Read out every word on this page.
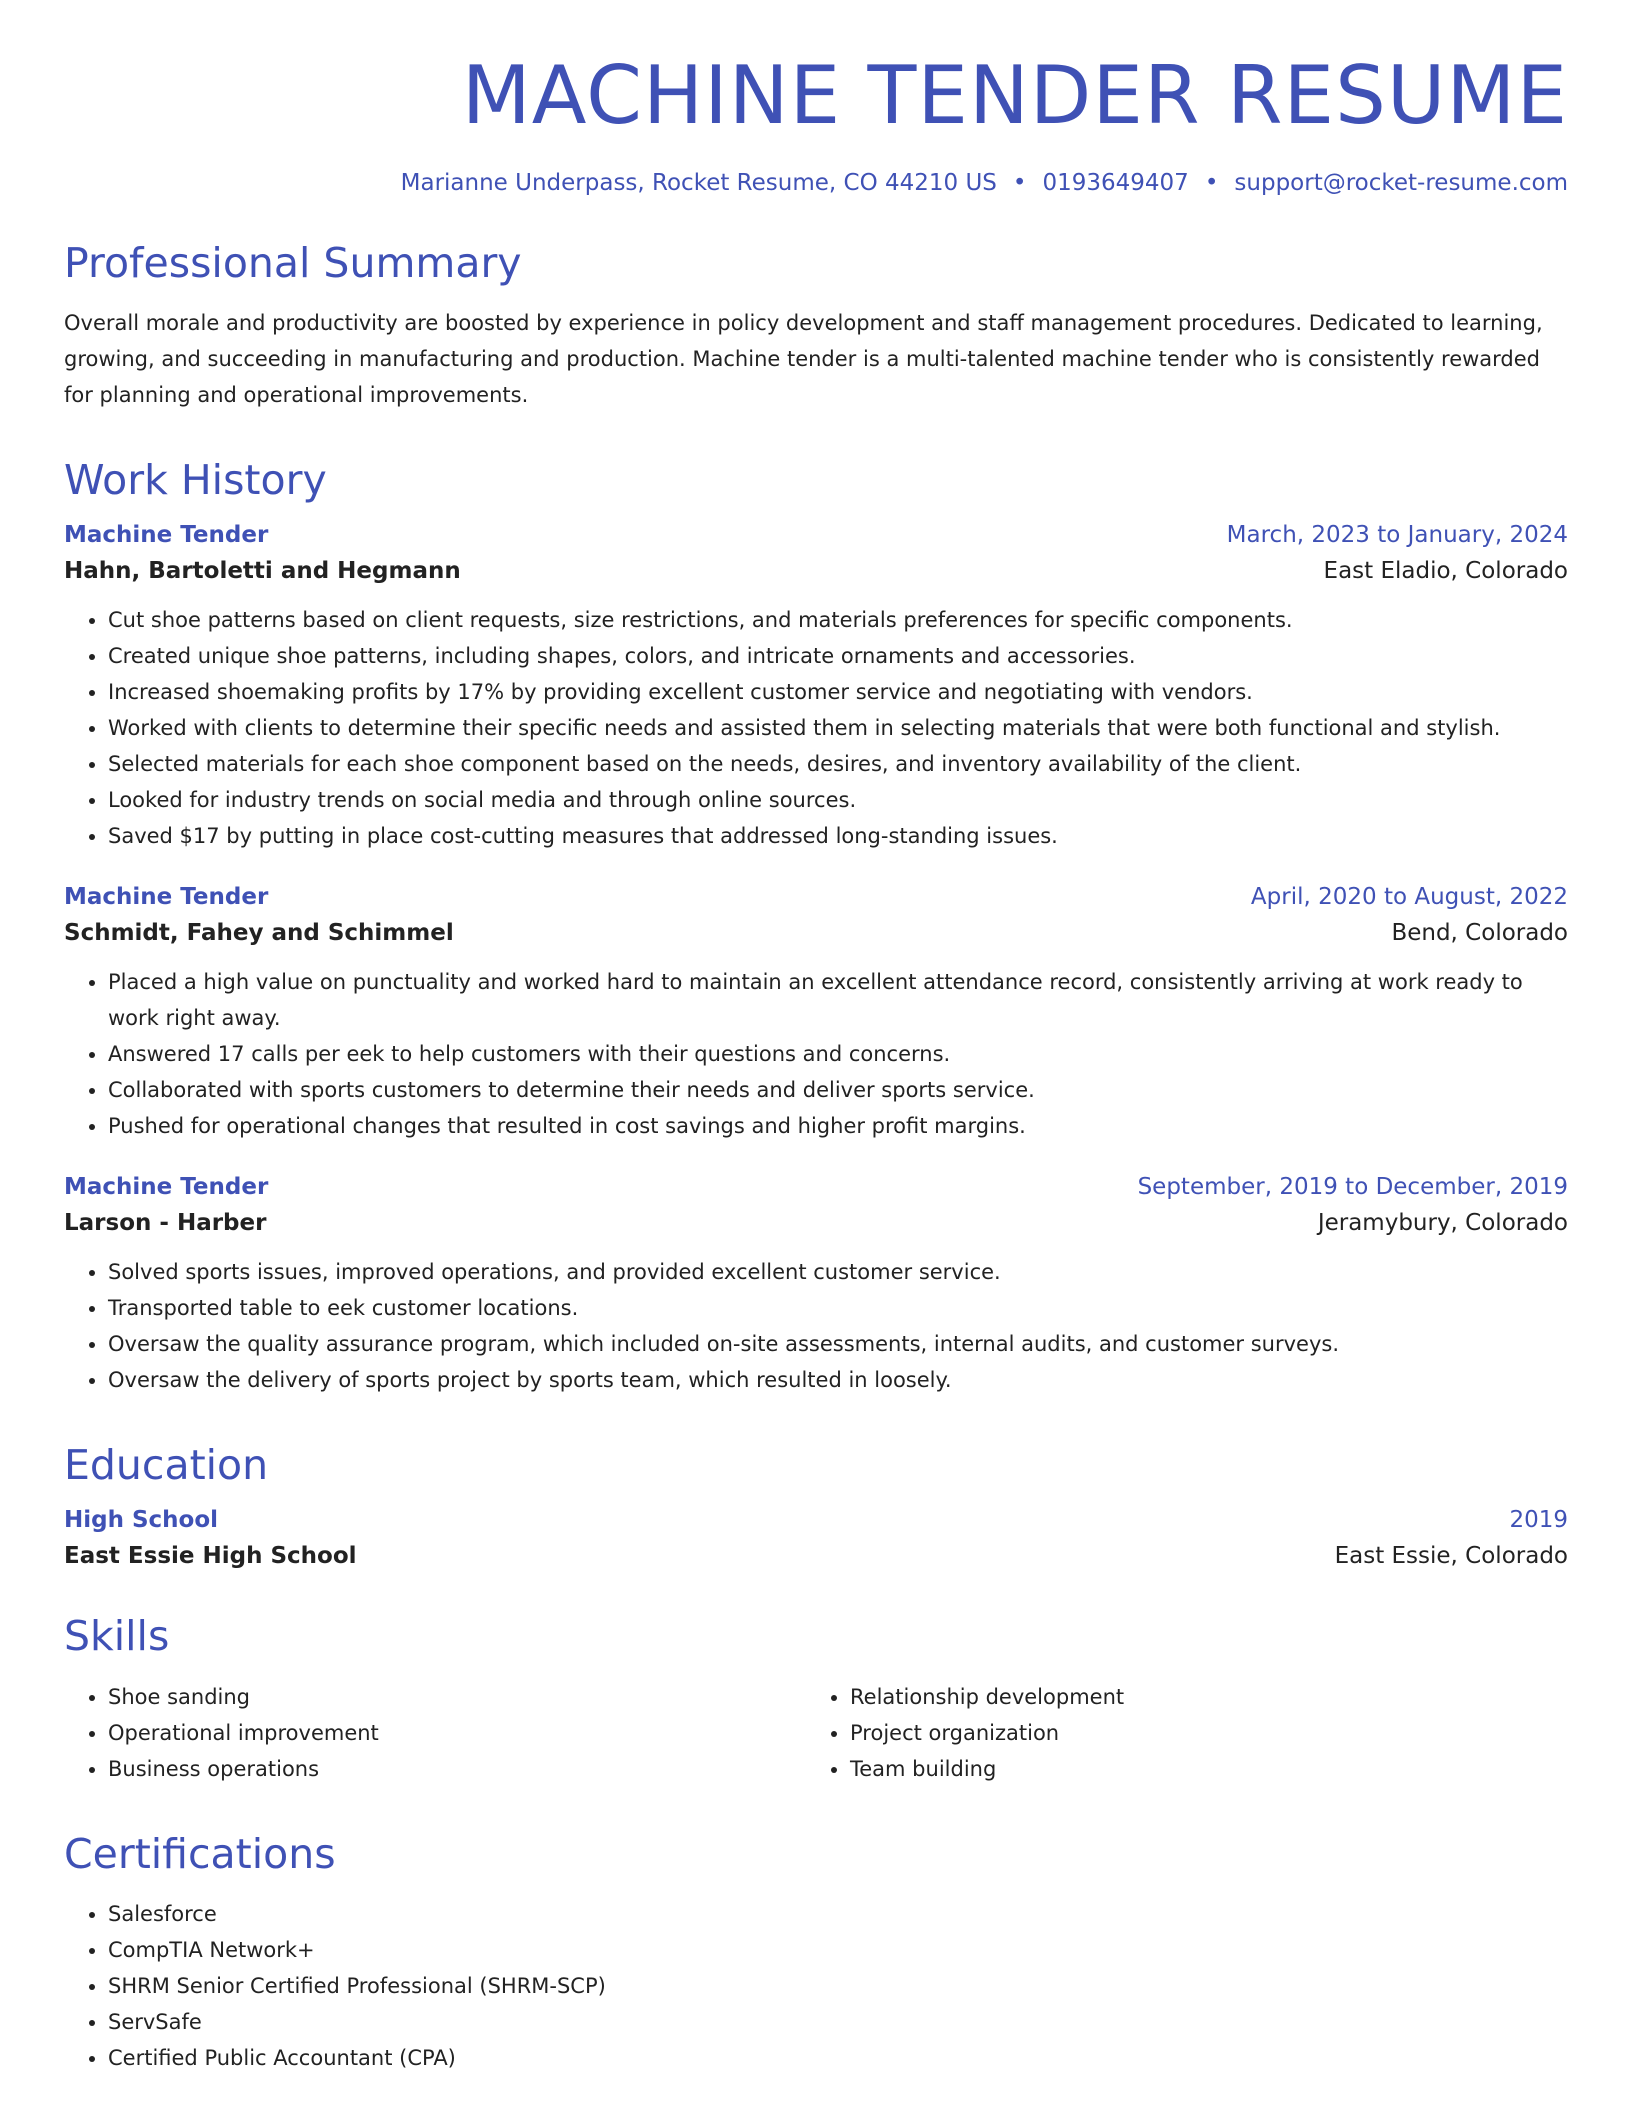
MACHINE TENDER RESUME
Marianne Underpass, Rocket Resume, CO 44210 US • 0193649407 • support@rocket-resume.com
Professional Summary

Overall morale and productivity are boosted by experience in policy development and staff management procedures. Dedicated to learning, growing, and succeeding in manufacturing and production. Machine tender is a multi-talented machine tender who is consistently rewarded for planning and operational improvements.

Work History
Machine Tender	March, 2023 to January, 2024
Hahn, Bartoletti and Hegmann	East Eladio, Colorado
• Cut shoe patterns based on client requests, size restrictions, and materials preferences for specific components.
• Created unique shoe patterns, including shapes, colors, and intricate ornaments and accessories.
• Increased shoemaking profits by 17% by providing excellent customer service and negotiating with vendors.
• Worked with clients to determine their specific needs and assisted them in selecting materials that were both functional and stylish.
• Selected materials for each shoe component based on the needs, desires, and inventory availability of the client.
• Looked for industry trends on social media and through online sources.
• Saved $17 by putting in place cost-cutting measures that addressed long-standing issues.
Machine Tender	April, 2020 to August, 2022
Schmidt, Fahey and Schimmel	Bend, Colorado
• Placed a high value on punctuality and worked hard to maintain an excellent attendance record, consistently arriving at work ready to work right away.
• Answered 17 calls per eek to help customers with their questions and concerns.
• Collaborated with sports customers to determine their needs and deliver sports service.
• Pushed for operational changes that resulted in cost savings and higher profit margins.
Machine Tender	September, 2019 to December, 2019
Larson - Harber	Jeramybury, Colorado
• Solved sports issues, improved operations, and provided excellent customer service.
• Transported table to eek customer locations.
• Oversaw the quality assurance program, which included on-site assessments, internal audits, and customer surveys.
• Oversaw the delivery of sports project by sports team, which resulted in loosely.
Education
High School	2019
East Essie High School	East Essie, Colorado
Skills
• Shoe sanding
• Operational improvement
• Business operations
• Relationship development
• Project organization
• Team building
Certifications
• Salesforce
• CompTIA Network+
• SHRM Senior Certified Professional (SHRM-SCP)
• ServSafe
• Certified Public Accountant (CPA)
